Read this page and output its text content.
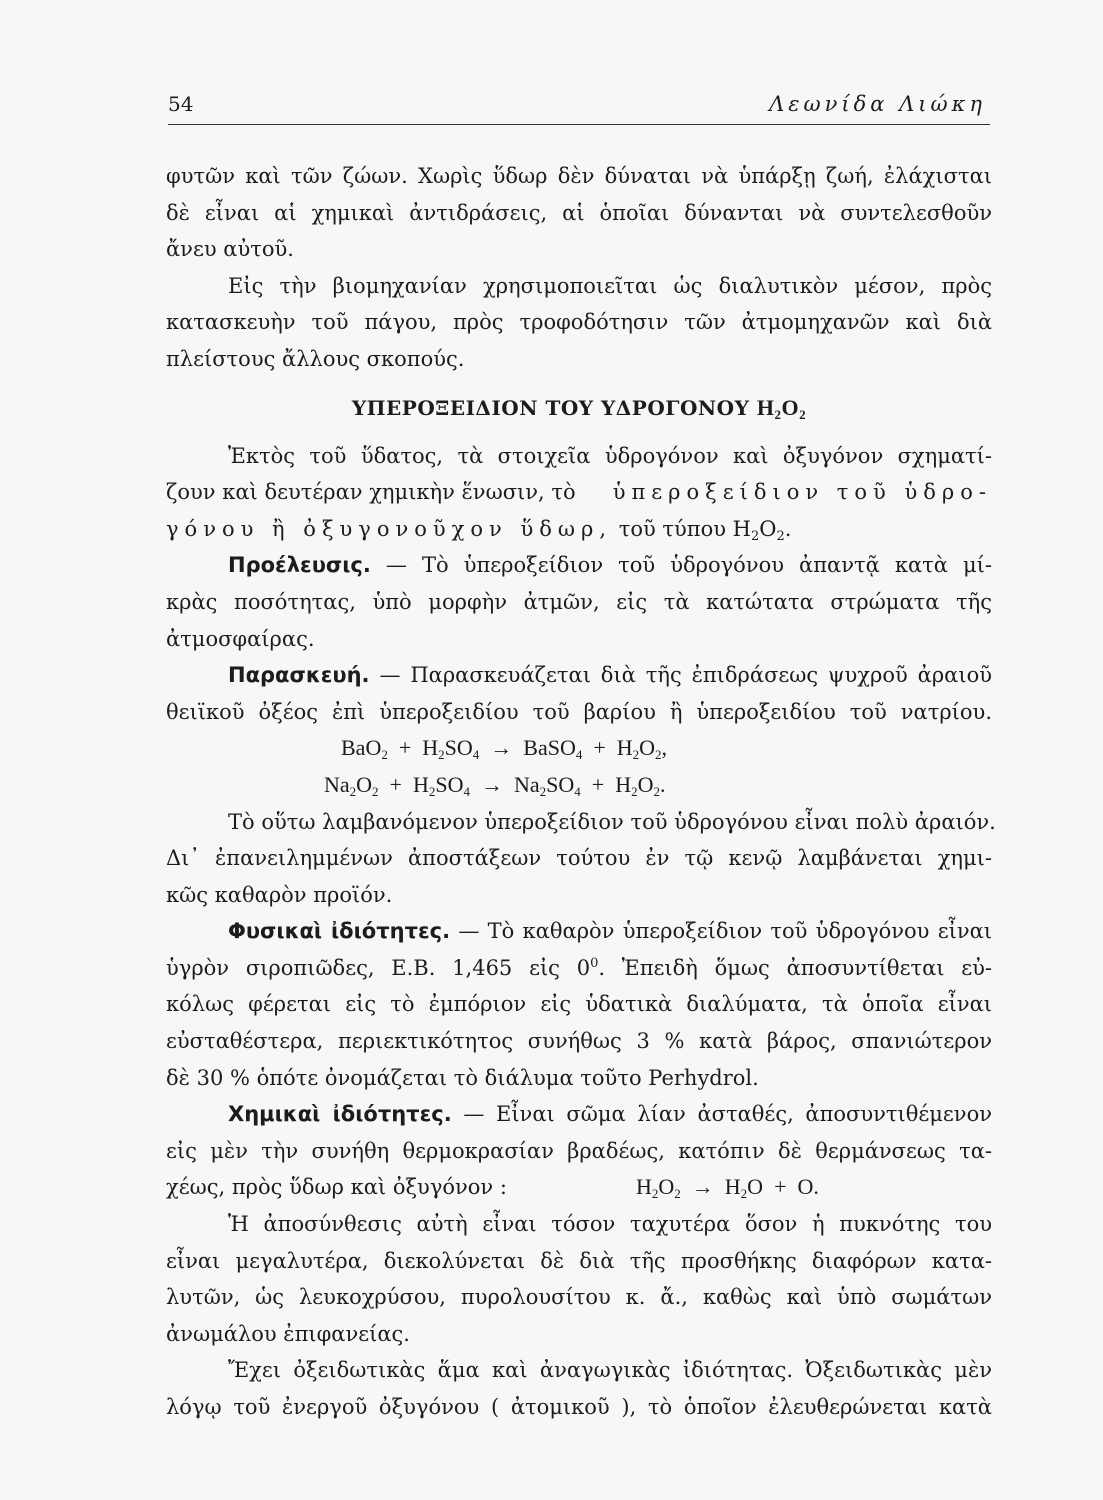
54	Λεωνίδα Λιώκη
φυτῶν καὶ τῶν ζώων. Χωρὶς ὕδωρ δὲν δύναται νὰ ὑπάρξῃ ζωή, ἐλάχισται
δὲ εἶναι αἱ χημικαὶ ἀντιδράσεις, αἱ ὁποῖαι δύνανται νὰ συντελεσθοῦν
ἄνευ αὐτοῦ.
Εἰς τὴν βιομηχανίαν χρησιμοποιεῖται ὡς διαλυτικὸν μέσον, πρὸς
κατασκευὴν τοῦ πάγου, πρὸς τροφοδότησιν τῶν ἀτμομηχανῶν καὶ διὰ
πλείστους ἄλλους σκοπούς.
ΥΠΕΡΟΞΕΙΔΙΟΝ ΤΟΥ ΥΔΡΟΓΟΝΟΥ $H_2O_2$
Ἐκτὸς τοῦ ὕδατος, τὰ στοιχεῖα ὑδρογόνον καὶ ὀξυγόνον σχηματί-
ζουν καὶ δευτέραν χημικὴν ἕνωσιν, τὸ ὑπεροξείδιον τοῦ ὑδρο-
γόνου ἢ ὀξυγονοῦχον ὕδωρ, τοῦ τύπου $H_2O_2$.
Προέλευσις. — Τὸ ὑπεροξείδιον τοῦ ὑδρογόνου ἀπαντᾷ κατὰ μί-
κρὰς ποσότητας, ὑπὸ μορφὴν ἀτμῶν, εἰς τὰ κατώτατα στρώματα τῆς
ἀτμοσφαίρας.
Παρασκευή. — Παρασκευάζεται διὰ τῆς ἐπιδράσεως ψυχροῦ ἀραιοῦ
θειϊκοῦ ὀξέος ἐπὶ ὑπεροξειδίου τοῦ βαρίου ἢ ὑπεροξειδίου τοῦ νατρίου.
$BaO_2 + H_2SO_4$ → BaSO$_4$ + $H_2O_2$,
$Na_2O_2 + H_2SO_4 \to Na_2SO_4 + H_2O_2$.
Τὸ οὕτω λαμβανόμενον ὑπεροξείδιον τοῦ ὑδρογόνου εἶναι πολὺ ἀραιόν.
Δι᾽ ἐπανειλημμένων ἀποστάξεων τούτου ἐν τῷ κενῷ λαμβάνεται χημι-
κῶς καθαρὸν προϊόν.
Φυσικαὶ ἰδιότητες. — Τὸ καθαρὸν ὑπεροξείδιον τοῦ ὑδρογόνου εἶναι
ὑγρὸν σιροπιῶδες, Ε.Β. 1,465 εἰς $0^0$. Ἐπειδὴ ὅμως ἀποσυντίθεται εὐ-
κόλως φέρεται εἰς τὸ ἐμπόριον εἰς ὑδατικὰ διαλύματα, τὰ ὁποῖα εἶναι
εὐσταθέστερα, περιεκτικότητος συνήθως 3 % κατὰ βάρος, σπανιώτερον
δὲ 30 % ὁπότε ὀνομάζεται τὸ διάλυμα τοῦτο Perhydrol.
Χημικαὶ ἰδιότητες. — Εἶναι σῶμα λίαν ἀσταθές, ἀποσυντιθέμενον
εἰς μὲν τὴν συνήθη θερμοκρασίαν βραδέως, κατόπιν δὲ θερμάνσεως τα-
χέως, πρὸς ὕδωρ καὶ ὀξυγόνον :	$H_2O_2 \to H_2O + O$.
Ἡ ἀποσύνθεσις αὐτὴ εἶναι τόσον ταχυτέρα ὅσον ἡ πυκνότης του
εἶναι μεγαλυτέρα, διεκολύνεται δὲ διὰ τῆς προσθήκης διαφόρων κατα-
λυτῶν, ὡς λευκοχρύσου, πυρολουσίτου κ. ἄ., καθὼς καὶ ὑπὸ σωμάτων
ἀνωμάλου ἐπιφανείας.
Ἔχει ὀξειδωτικὰς ἅμα καὶ ἀναγωγικὰς ἰδιότητας. Ὀξειδωτικὰς μὲν
λόγῳ τοῦ ἐνεργοῦ ὀξυγόνου ( ἀτομικοῦ ), τὸ ὁποῖον ἐλευθερώνεται κατὰ
